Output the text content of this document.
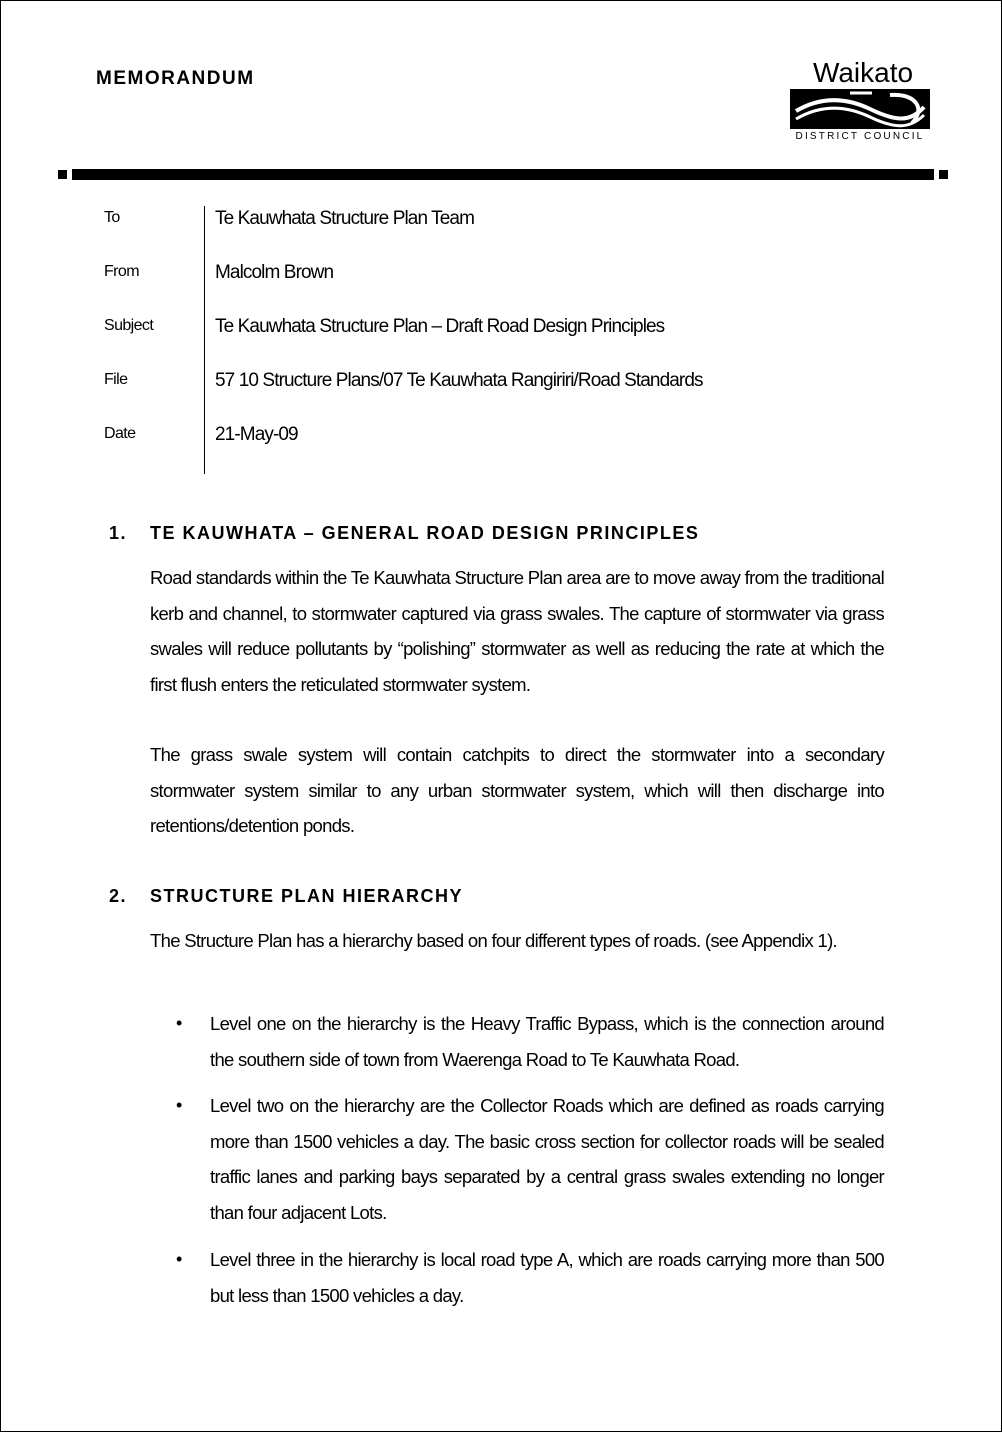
MEMORANDUM	Waikato
DISTRICT COUNCIL
To	Te Kauwhata Structure Plan Team
From	Malcolm Brown
Subject	Te Kauwhata Structure Plan – Draft Road Design Principles
File	57 10 Structure Plans/07 Te Kauwhata Rangiriri/Road Standards
Date	21-May-09
1. TE KAUWHATA – GENERAL ROAD DESIGN PRINCIPLES

Road standards within the Te Kauwhata Structure Plan area are to move away from the traditional kerb and channel, to stormwater captured via grass swales. The capture of stormwater via grass swales will reduce pollutants by “polishing” stormwater as well as reducing the rate at which the first flush enters the reticulated stormwater system.

The grass swale system will contain catchpits to direct the stormwater into a secondary stormwater system similar to any urban stormwater system, which will then discharge into retentions/detention ponds.

2. STRUCTURE PLAN HIERARCHY

The Structure Plan has a hierarchy based on four different types of roads. (see Appendix 1).

• Level one on the hierarchy is the Heavy Traffic Bypass, which is the connection around the southern side of town from Waerenga Road to Te Kauwhata Road.

• Level two on the hierarchy are the Collector Roads which are defined as roads carrying more than 1500 vehicles a day. The basic cross section for collector roads will be sealed traffic lanes and parking bays separated by a central grass swales extending no longer than four adjacent Lots.

• Level three in the hierarchy is local road type A, which are roads carrying more than 500 but less than 1500 vehicles a day.
